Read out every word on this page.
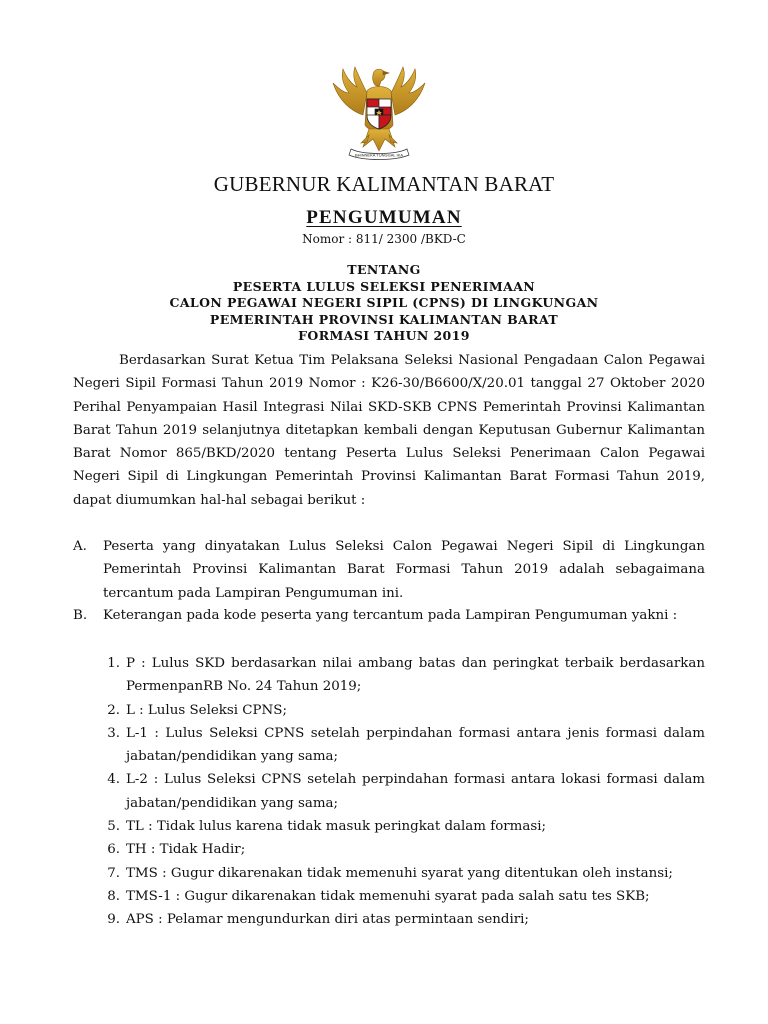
BHINNEKA TUNGGAL IKA
GUBERNUR KALIMANTAN BARAT
PENGUMUMAN
Nomor : 811/ 2300 /BKD-C
TENTANG
PESERTA LULUS SELEKSI PENERIMAAN
CALON PEGAWAI NEGERI SIPIL (CPNS) DI LINGKUNGAN
PEMERINTAH PROVINSI KALIMANTAN BARAT
FORMASI TAHUN 2019
Berdasarkan Surat Ketua Tim Pelaksana Seleksi Nasional Pengadaan Calon Pegawai Negeri Sipil Formasi Tahun 2019 Nomor : K26-30/B6600/X/20.01 tanggal 27 Oktober 2020 Perihal Penyampaian Hasil Integrasi Nilai SKD-SKB CPNS Pemerintah Provinsi Kalimantan Barat Tahun 2019 selanjutnya ditetapkan kembali dengan Keputusan Gubernur Kalimantan Barat Nomor 865/BKD/2020 tentang Peserta Lulus Seleksi Penerimaan Calon Pegawai Negeri Sipil di Lingkungan Pemerintah Provinsi Kalimantan Barat Formasi Tahun 2019, dapat diumumkan hal-hal sebagai berikut :
A.	Peserta yang dinyatakan Lulus Seleksi Calon Pegawai Negeri Sipil di Lingkungan Pemerintah Provinsi Kalimantan Barat Formasi Tahun 2019 adalah sebagaimana tercantum pada Lampiran Pengumuman ini.
B.	Keterangan pada kode peserta yang tercantum pada Lampiran Pengumuman yakni :
1. P : Lulus SKD berdasarkan nilai ambang batas dan peringkat terbaik berdasarkan PermenpanRB No. 24 Tahun 2019;
2. L : Lulus Seleksi CPNS;
3. L-1 : Lulus Seleksi CPNS setelah perpindahan formasi antara jenis formasi dalam jabatan/pendidikan yang sama;
4. L-2 : Lulus Seleksi CPNS setelah perpindahan formasi antara lokasi formasi dalam jabatan/pendidikan yang sama;
5. TL : Tidak lulus karena tidak masuk peringkat dalam formasi;
6. TH : Tidak Hadir;
7. TMS : Gugur dikarenakan tidak memenuhi syarat yang ditentukan oleh instansi;
8. TMS-1 : Gugur dikarenakan tidak memenuhi syarat pada salah satu tes SKB;
9. APS : Pelamar mengundurkan diri atas permintaan sendiri;
